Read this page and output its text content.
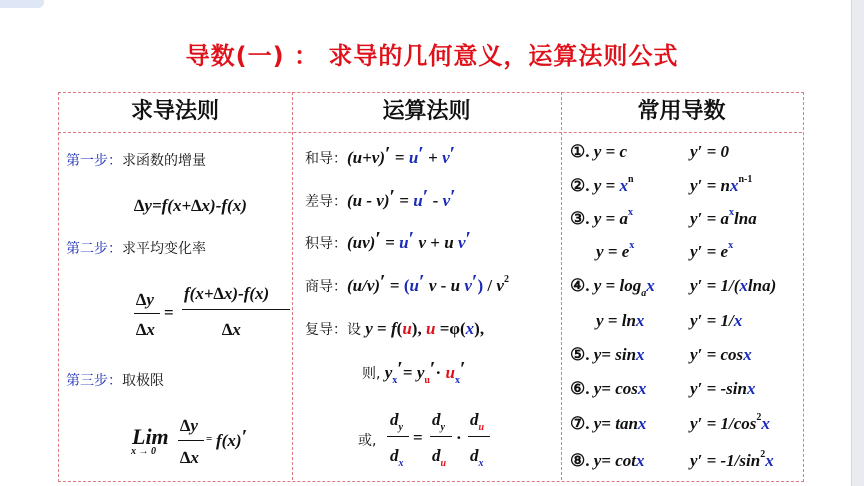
导数(一) ： 求导的几何意义，运算法则公式
求导法则	运算法则	常用导数
第一步：求函数的增量
∆y=f(x+∆x)-f(x)
第二步：求平均变化率
∆y
∆x
=
f(x+∆x)-f(x)
∆x
第三步：取极限
Lim
x → 0
∆y
∆x
= f(x)′
和导：(u+v)′ = u′ + v′
差导：(u - v)′ = u′ - v′
积导：(uv)′ = u′ v + u v′
商导：(u/v)′ = (u′ v - u $v') / v^2$
复导：设 y = f(u), u =φ(x),
则, $y_x'= y_u'\cdot u_x'$
或,
$d_y$
$d_x$
=
$d_y$
$d_u$
·
$d_u$
$d_x$
①. y = c	y′ = 0
②. $y = x^n$	$y' = nx^{n-1}$
③. $y = a^x$	$y' = a^x\ln a$
$y = e^x$	$y' = e^x$
④. $y = \log_ax$ y′ = 1/(xlna)
y = lnx	y′ = 1/x
⑤. y= sinx	y′ = cosx
⑥. y= cosx	y′ = -sinx
⑦. y= tanx	$y' = 1/\cos^2x$
⑧. y= cotx	$y' = -1/\sin^2x$
